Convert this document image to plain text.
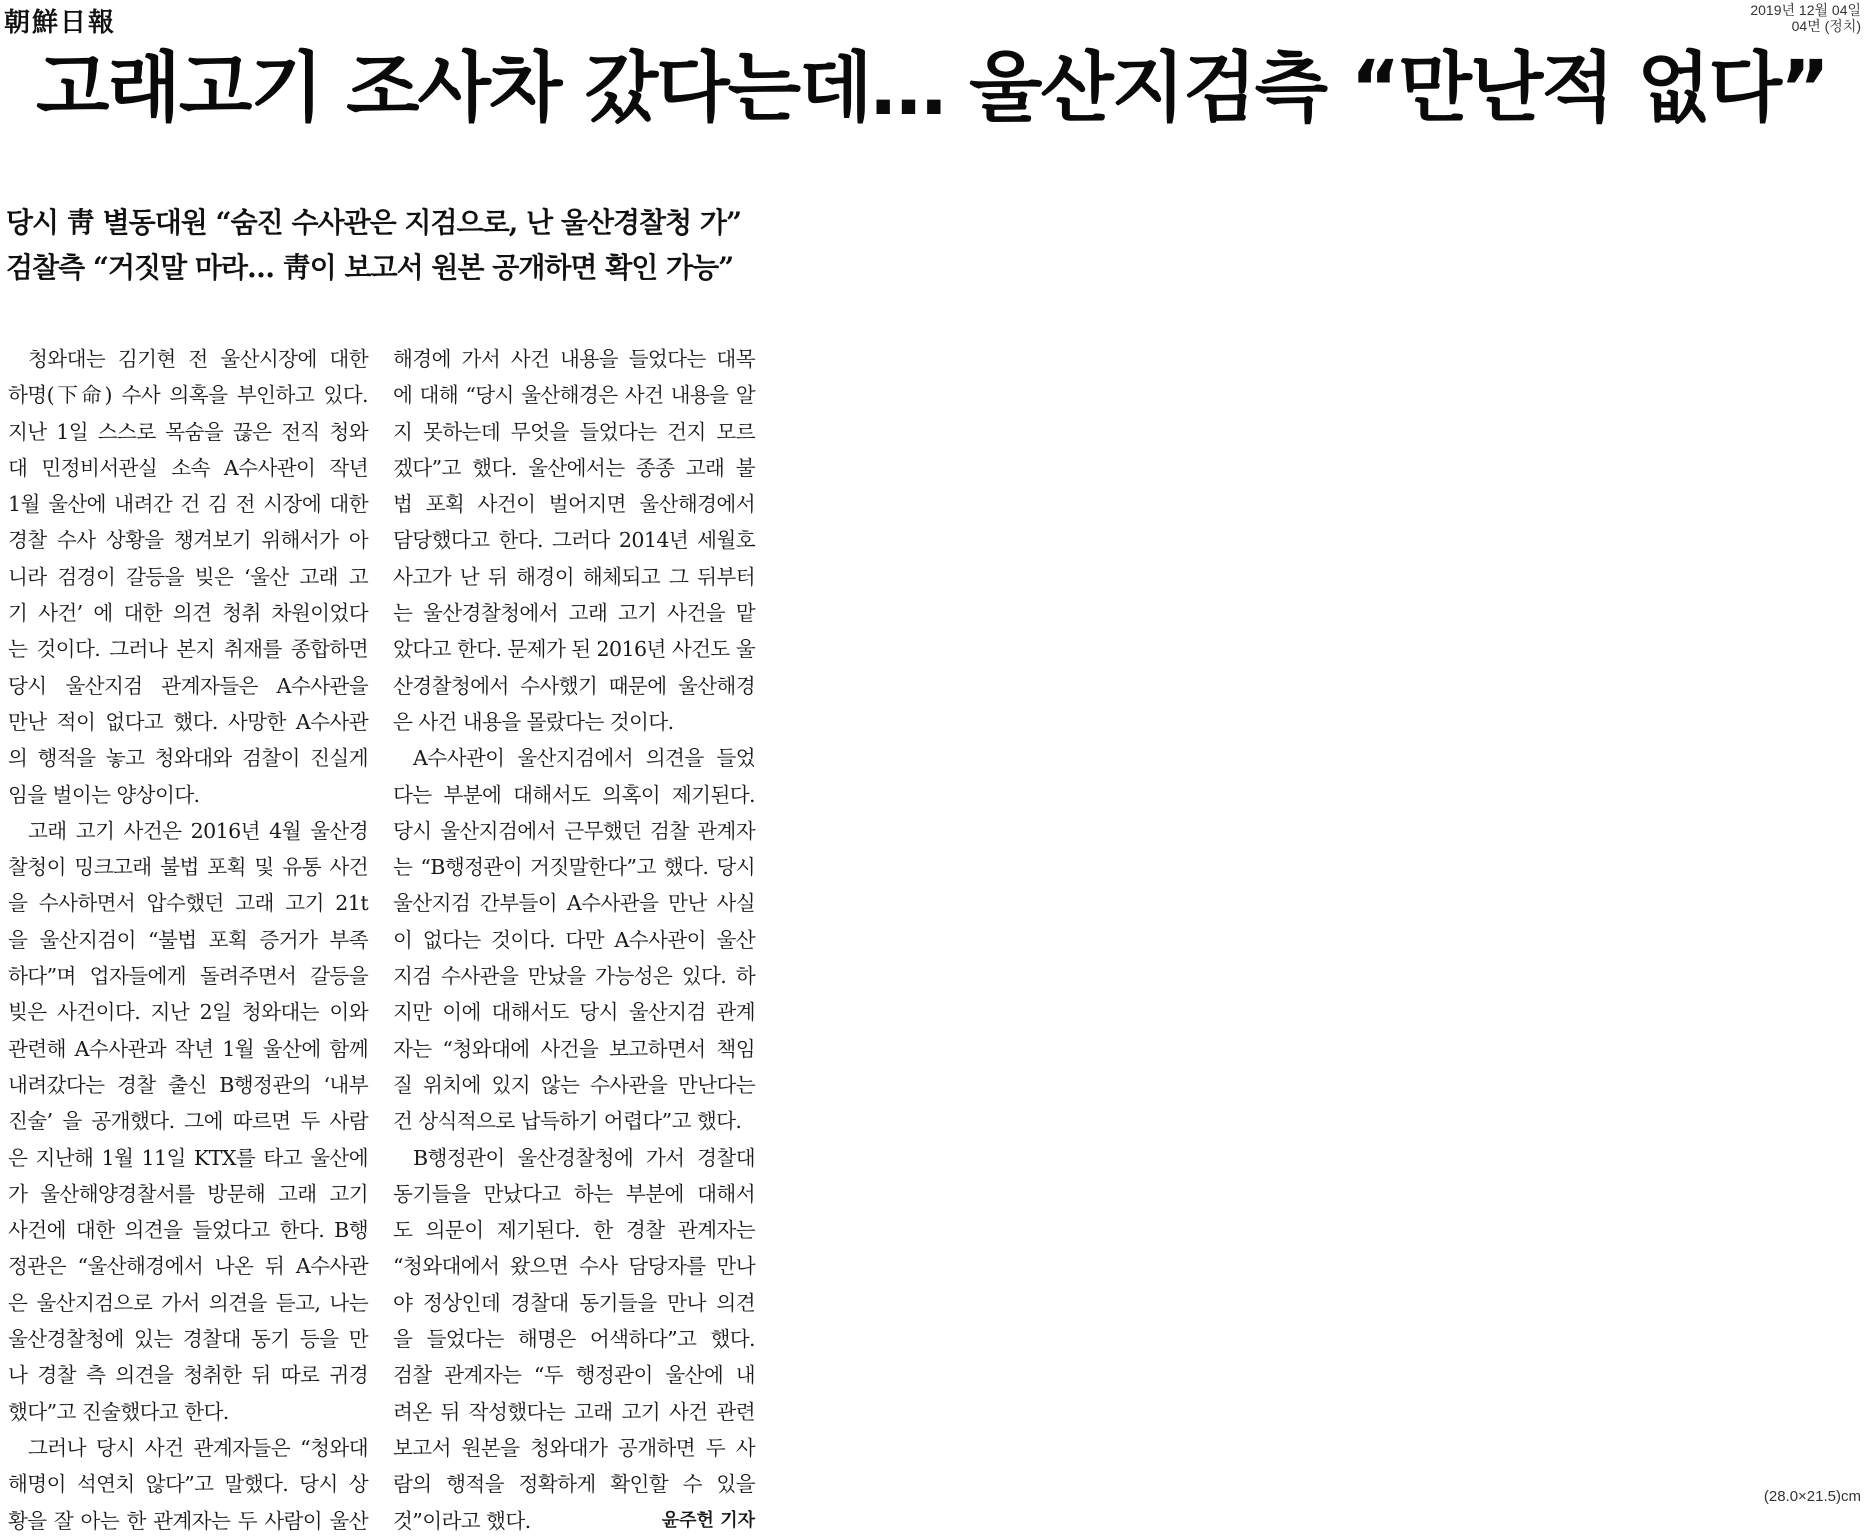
朝鮮日報	2019년 12월 04일
04면 (정치)
고래고기 조사차 갔다는데… 울산지검측 “만난적 없다”
당시 靑 별동대원 “숨진 수사관은 지검으로, 난 울산경찰청 가”
검찰측 “거짓말 마라… 靑이 보고서 원본 공개하면 확인 가능”
청와대는 김기현 전 울산시장에 대한
하명(下命) 수사 의혹을 부인하고 있다.
지난 1일 스스로 목숨을 끊은 전직 청와
대 민정비서관실 소속 A수사관이 작년
1월 울산에 내려간 건 김 전 시장에 대한
경찰 수사 상황을 챙겨보기 위해서가 아
니라 검경이 갈등을 빚은 ‘울산 고래 고
기 사건’ 에 대한 의견 청취 차원이었다
는 것이다. 그러나 본지 취재를 종합하면
당시 울산지검 관계자들은 A수사관을
만난 적이 없다고 했다. 사망한 A수사관
의 행적을 놓고 청와대와 검찰이 진실게
임을 벌이는 양상이다.
고래 고기 사건은 2016년 4월 울산경
찰청이 밍크고래 불법 포획 및 유통 사건
을 수사하면서 압수했던 고래 고기 21t
을 울산지검이 “불법 포획 증거가 부족
하다”며 업자들에게 돌려주면서 갈등을
빚은 사건이다. 지난 2일 청와대는 이와
관련해 A수사관과 작년 1월 울산에 함께
내려갔다는 경찰 출신 B행정관의 ‘내부
진술’ 을 공개했다. 그에 따르면 두 사람
은 지난해 1월 11일 KTX를 타고 울산에
가 울산해양경찰서를 방문해 고래 고기
사건에 대한 의견을 들었다고 한다. B행
정관은 “울산해경에서 나온 뒤 A수사관
은 울산지검으로 가서 의견을 듣고, 나는
울산경찰청에 있는 경찰대 동기 등을 만
나 경찰 측 의견을 청취한 뒤 따로 귀경
했다”고 진술했다고 한다.
그러나 당시 사건 관계자들은 “청와대
해명이 석연치 않다”고 말했다. 당시 상
황을 잘 아는 한 관계자는 두 사람이 울산
해경에 가서 사건 내용을 들었다는 대목
에 대해 “당시 울산해경은 사건 내용을 알
지 못하는데 무엇을 들었다는 건지 모르
겠다”고 했다. 울산에서는 종종 고래 불
법 포획 사건이 벌어지면 울산해경에서
담당했다고 한다. 그러다 2014년 세월호
사고가 난 뒤 해경이 해체되고 그 뒤부터
는 울산경찰청에서 고래 고기 사건을 맡
았다고 한다. 문제가 된 2016년 사건도 울
산경찰청에서 수사했기 때문에 울산해경
은 사건 내용을 몰랐다는 것이다.
A수사관이 울산지검에서 의견을 들었
다는 부분에 대해서도 의혹이 제기된다.
당시 울산지검에서 근무했던 검찰 관계자
는 “B행정관이 거짓말한다”고 했다. 당시
울산지검 간부들이 A수사관을 만난 사실
이 없다는 것이다. 다만 A수사관이 울산
지검 수사관을 만났을 가능성은 있다. 하
지만 이에 대해서도 당시 울산지검 관계
자는 “청와대에 사건을 보고하면서 책임
질 위치에 있지 않는 수사관을 만난다는
건 상식적으로 납득하기 어렵다”고 했다.
B행정관이 울산경찰청에 가서 경찰대
동기들을 만났다고 하는 부분에 대해서
도 의문이 제기된다. 한 경찰 관계자는
“청와대에서 왔으면 수사 담당자를 만나
야 정상인데 경찰대 동기들을 만나 의견
을 들었다는 해명은 어색하다”고 했다.
검찰 관계자는 “두 행정관이 울산에 내
려온 뒤 작성했다는 고래 고기 사건 관련
보고서 원본을 청와대가 공개하면 두 사
람의 행적을 정확하게 확인할 수 있을
것”이라고 했다.	윤주헌 기자
(28.0×21.5)cm
